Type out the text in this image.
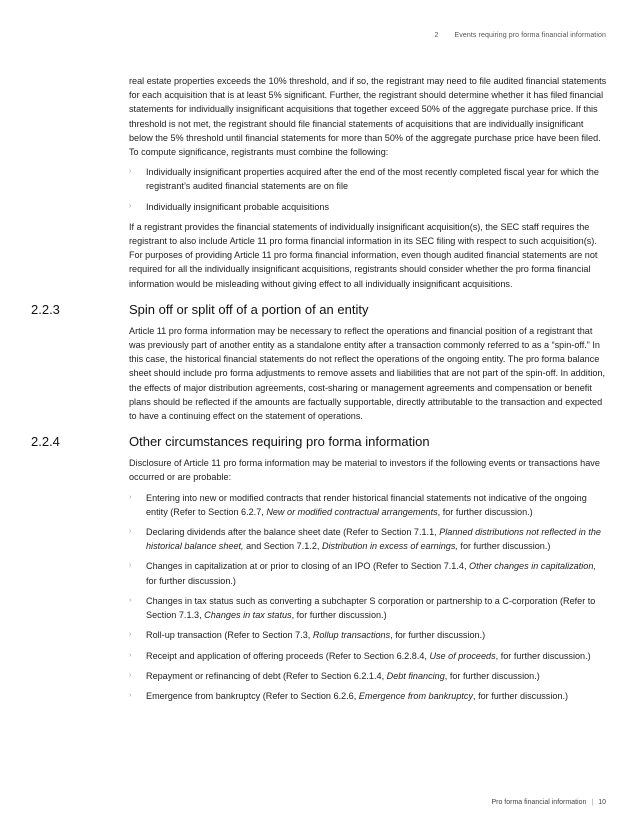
2 Events requiring pro forma financial information

real estate properties exceeds the 10% threshold, and if so, the registrant may need to file audited financial statements for each acquisition that is at least 5% significant. Further, the registrant should determine whether it has filed financial statements for individually insignificant acquisitions that together exceed 50% of the aggregate purchase price. If this threshold is not met, the registrant should file financial statements of acquisitions that are individually insignificant below the 5% threshold until financial statements for more than 50% of the aggregate purchase price have been filed. To compute significance, registrants must combine the following:

› Individually insignificant properties acquired after the end of the most recently completed fiscal year for which the registrant’s audited financial statements are on file
› Individually insignificant probable acquisitions

If a registrant provides the financial statements of individually insignificant acquisition(s), the SEC staff requires the registrant to also include Article 11 pro forma financial information in its SEC filing with respect to such acquisition(s). For purposes of providing Article 11 pro forma financial information, even though audited financial statements are not required for all the individually insignificant acquisitions, registrants should consider whether the pro forma financial information would be misleading without giving effect to all individually insignificant acquisitions.

2.2.3	Spin off or split off of a portion of an entity

Article 11 pro forma information may be necessary to reflect the operations and financial position of a registrant that was previously part of another entity as a standalone entity after a transaction commonly referred to as a “spin-off.” In this case, the historical financial statements do not reflect the operations of the ongoing entity. The pro forma balance sheet should include pro forma adjustments to remove assets and liabilities that are not part of the spin-off. In addition, the effects of major distribution agreements, cost-sharing or management agreements and compensation or benefit plans should be reflected if the amounts are factually supportable, directly attributable to the transaction and expected to have a continuing effect on the statement of operations.

2.2.4	Other circumstances requiring pro forma information

Disclosure of Article 11 pro forma information may be material to investors if the following events or transactions have occurred or are probable:

› Entering into new or modified contracts that render historical financial statements not indicative of the ongoing entity (Refer to Section 6.2.7, New or modified contractual arrangements, for further discussion.)
› Declaring dividends after the balance sheet date (Refer to Section 7.1.1, Planned distributions not reflected in the historical balance sheet, and Section 7.1.2, Distribution in excess of earnings, for further discussion.)
› Changes in capitalization at or prior to closing of an IPO (Refer to Section 7.1.4, Other changes in capitalization, for further discussion.)
› Changes in tax status such as converting a subchapter S corporation or partnership to a C-corporation (Refer to Section 7.1.3, Changes in tax status, for further discussion.)
› Roll-up transaction (Refer to Section 7.3, Rollup transactions, for further discussion.)
› Receipt and application of offering proceeds (Refer to Section 6.2.8.4, Use of proceeds, for further discussion.)
› Repayment or refinancing of debt (Refer to Section 6.2.1.4, Debt financing, for further discussion.)
› Emergence from bankruptcy (Refer to Section 6.2.6, Emergence from bankruptcy, for further discussion.)
Pro forma financial information | 10
